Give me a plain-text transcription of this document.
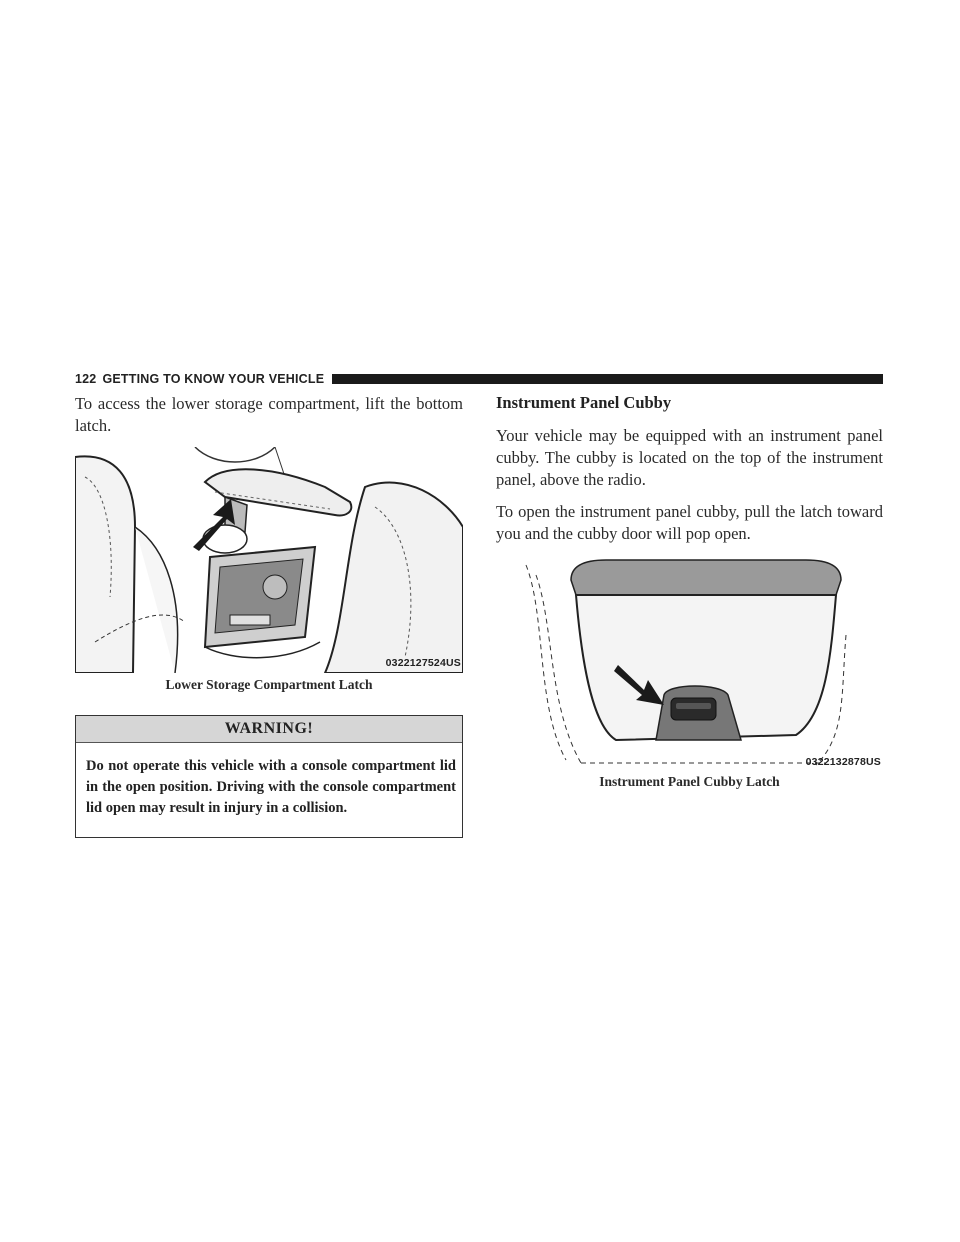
122 GETTING TO KNOW YOUR VEHICLE

To access the lower storage compartment, lift the bottom latch.

0322127524US
Lower Storage Compartment Latch
WARNING!
Do not operate this vehicle with a console compartment lid in the open position. Driving with the console compartment lid open may result in injury in a collision.
Instrument Panel Cubby

Your vehicle may be equipped with an instrument panel cubby. The cubby is located on the top of the instrument panel, above the radio.

To open the instrument panel cubby, pull the latch toward you and the cubby door will pop open.

0322132878US
Instrument Panel Cubby Latch
